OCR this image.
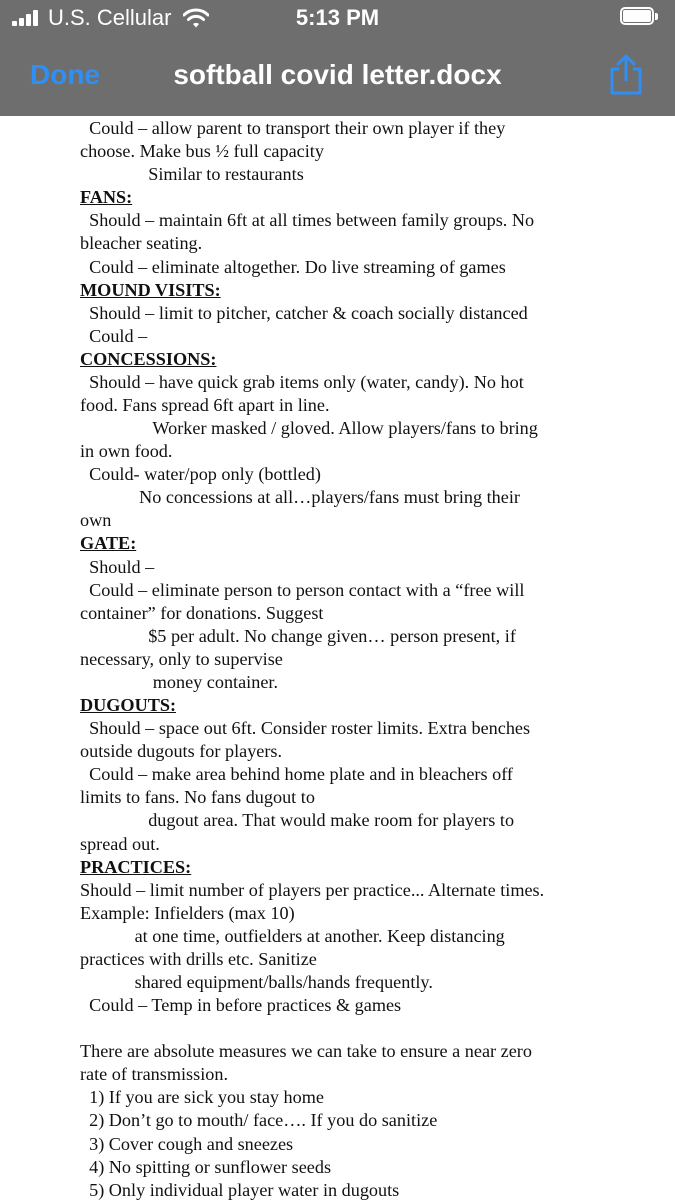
U.S. Cellular	5:13 PM
Done	softball covid letter.docx
Could – allow parent to transport their own player if they
choose. Make bus ½ full capacity
Similar to restaurants
FANS:
Should – maintain 6ft at all times between family groups. No
bleacher seating.
Could – eliminate altogether. Do live streaming of games
MOUND VISITS:
Should – limit to pitcher, catcher & coach socially distanced
Could –
CONCESSIONS:
Should – have quick grab items only (water, candy). No hot
food. Fans spread 6ft apart in line.
Worker masked / gloved. Allow players/fans to bring
in own food.
Could- water/pop only (bottled)
No concessions at all…players/fans must bring their
own
GATE:
Should –
Could – eliminate person to person contact with a “free will
container” for donations. Suggest
$5 per adult. No change given… person present, if
necessary, only to supervise
money container.
DUGOUTS:
Should – space out 6ft. Consider roster limits. Extra benches
outside dugouts for players.
Could – make area behind home plate and in bleachers off
limits to fans. No fans dugout to
dugout area. That would make room for players to
spread out.
PRACTICES:
Should – limit number of players per practice... Alternate times.
Example: Infielders (max 10)
at one time, outfielders at another. Keep distancing
practices with drills etc. Sanitize
shared equipment/balls/hands frequently.
Could – Temp in before practices & games
There are absolute measures we can take to ensure a near zero
rate of transmission.
1) If you are sick you stay home
2) Don’t go to mouth/ face…. If you do sanitize
3) Cover cough and sneezes
4) No spitting or sunflower seeds
5) Only individual player water in dugouts
